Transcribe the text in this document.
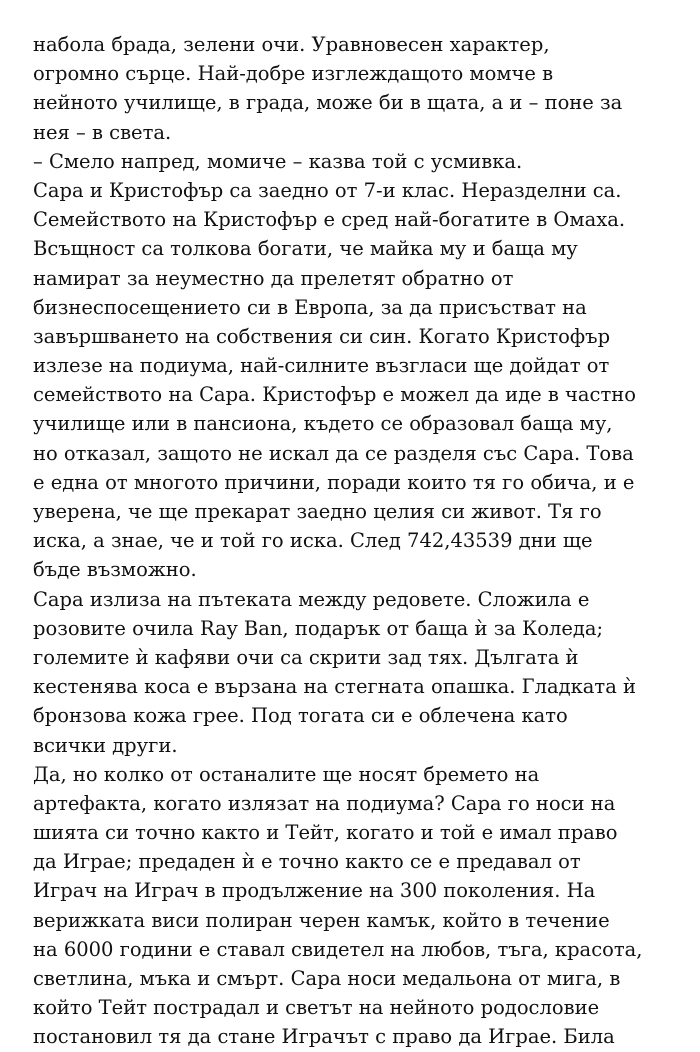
набола брада, зелени очи. Уравновесен характер,
огромно сърце. Най-добре изглеждащото момче в
нейното училище, в града, може би в щата, а и – поне за
нея – в света.
– Смело напред, момиче – казва той с усмивка.
Сара и Кристофър са заедно от 7-и клас. Неразделни са.
Семейството на Кристофър е сред най-богатите в Омаха.
Всъщност са толкова богати, че майка му и баща му
намират за неуместно да прелетят обратно от
бизнеспосещението си в Европа, за да присъстват на
завършването на собствения си син. Когато Кристофър
излезе на подиума, най-силните възгласи ще дойдат от
семейството на Сара. Кристофър е можел да иде в частно
училище или в пансиона, където се образовал баща му,
но отказал, защото не искал да се разделя със Сара. Това
е една от многото причини, поради които тя го обича, и е
уверена, че ще прекарат заедно целия си живот. Тя го
иска, а знае, че и той го иска. След 742,43539 дни ще
бъде възможно.
Сара излиза на пътеката между редовете. Сложила е
розовите очила Ray Ban, подарък от баща ѝ за Коледа;
големите ѝ кафяви очи са скрити зад тях. Дългата ѝ
кестенява коса е вързана на стегната опашка. Гладката ѝ
бронзова кожа грее. Под тогата си е облечена като
всички други.
Да, но колко от останалите ще носят бремето на
артефакта, когато излязат на подиума? Сара го носи на
шията си точно както и Тейт, когато и той е имал право
да Играе; предаден ѝ е точно както се е предавал от
Играч на Играч в продължение на 300 поколения. На
верижката виси полиран черен камък, който в течение
на 6000 години е ставал свидетел на любов, тъга, красота,
светлина, мъка и смърт. Сара носи медальона от мига, в
който Тейт пострадал и светът на нейното родословие
постановил тя да стане Играчът с право да Играе. Била
